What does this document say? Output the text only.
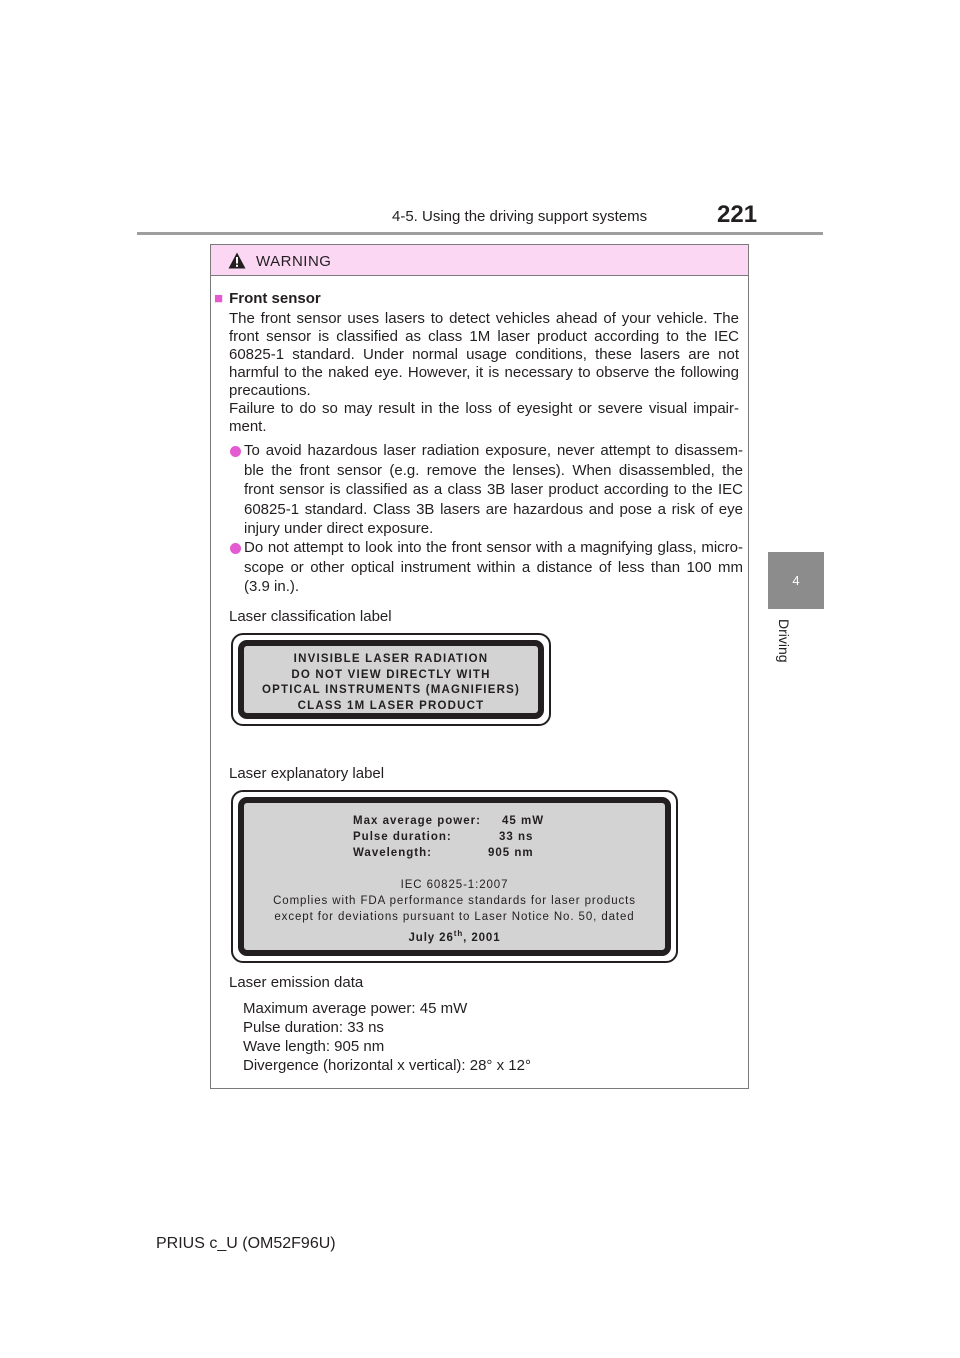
4-5. Using the driving support systems	221
4
Driving
WARNING
■ Front sensor
The front sensor uses lasers to detect vehicles ahead of your vehicle. The front sensor is classified as class 1M laser product according to the IEC 60825-1 standard. Under normal usage conditions, these lasers are not harmful to the naked eye. However, it is necessary to observe the following precautions.
Failure to do so may result in the loss of eyesight or severe visual impair-ment.
To avoid hazardous laser radiation exposure, never attempt to disassem-ble the front sensor (e.g. remove the lenses). When disassembled, the front sensor is classified as a class 3B laser product according to the IEC 60825-1 standard. Class 3B lasers are hazardous and pose a risk of eye injury under direct exposure.
Do not attempt to look into the front sensor with a magnifying glass, micro-scope or other optical instrument within a distance of less than 100 mm (3.9 in.).
Laser classification label
INVISIBLE LASER RADIATION
DO NOT VIEW DIRECTLY WITH
OPTICAL INSTRUMENTS (MAGNIFIERS)
CLASS 1M LASER PRODUCT
Laser explanatory label
Max average power: 45 mW
Pulse duration:	33 ns
Wavelength:	905 nm
IEC 60825-1:2007
Complies with FDA performance standards for laser products
except for deviations pursuant to Laser Notice No. 50, dated
July 26th, 2001
Laser emission data
Maximum average power: 45 mW
Pulse duration: 33 ns
Wave length: 905 nm
Divergence (horizontal x vertical): 28° x 12°
PRIUS c_U (OM52F96U)
